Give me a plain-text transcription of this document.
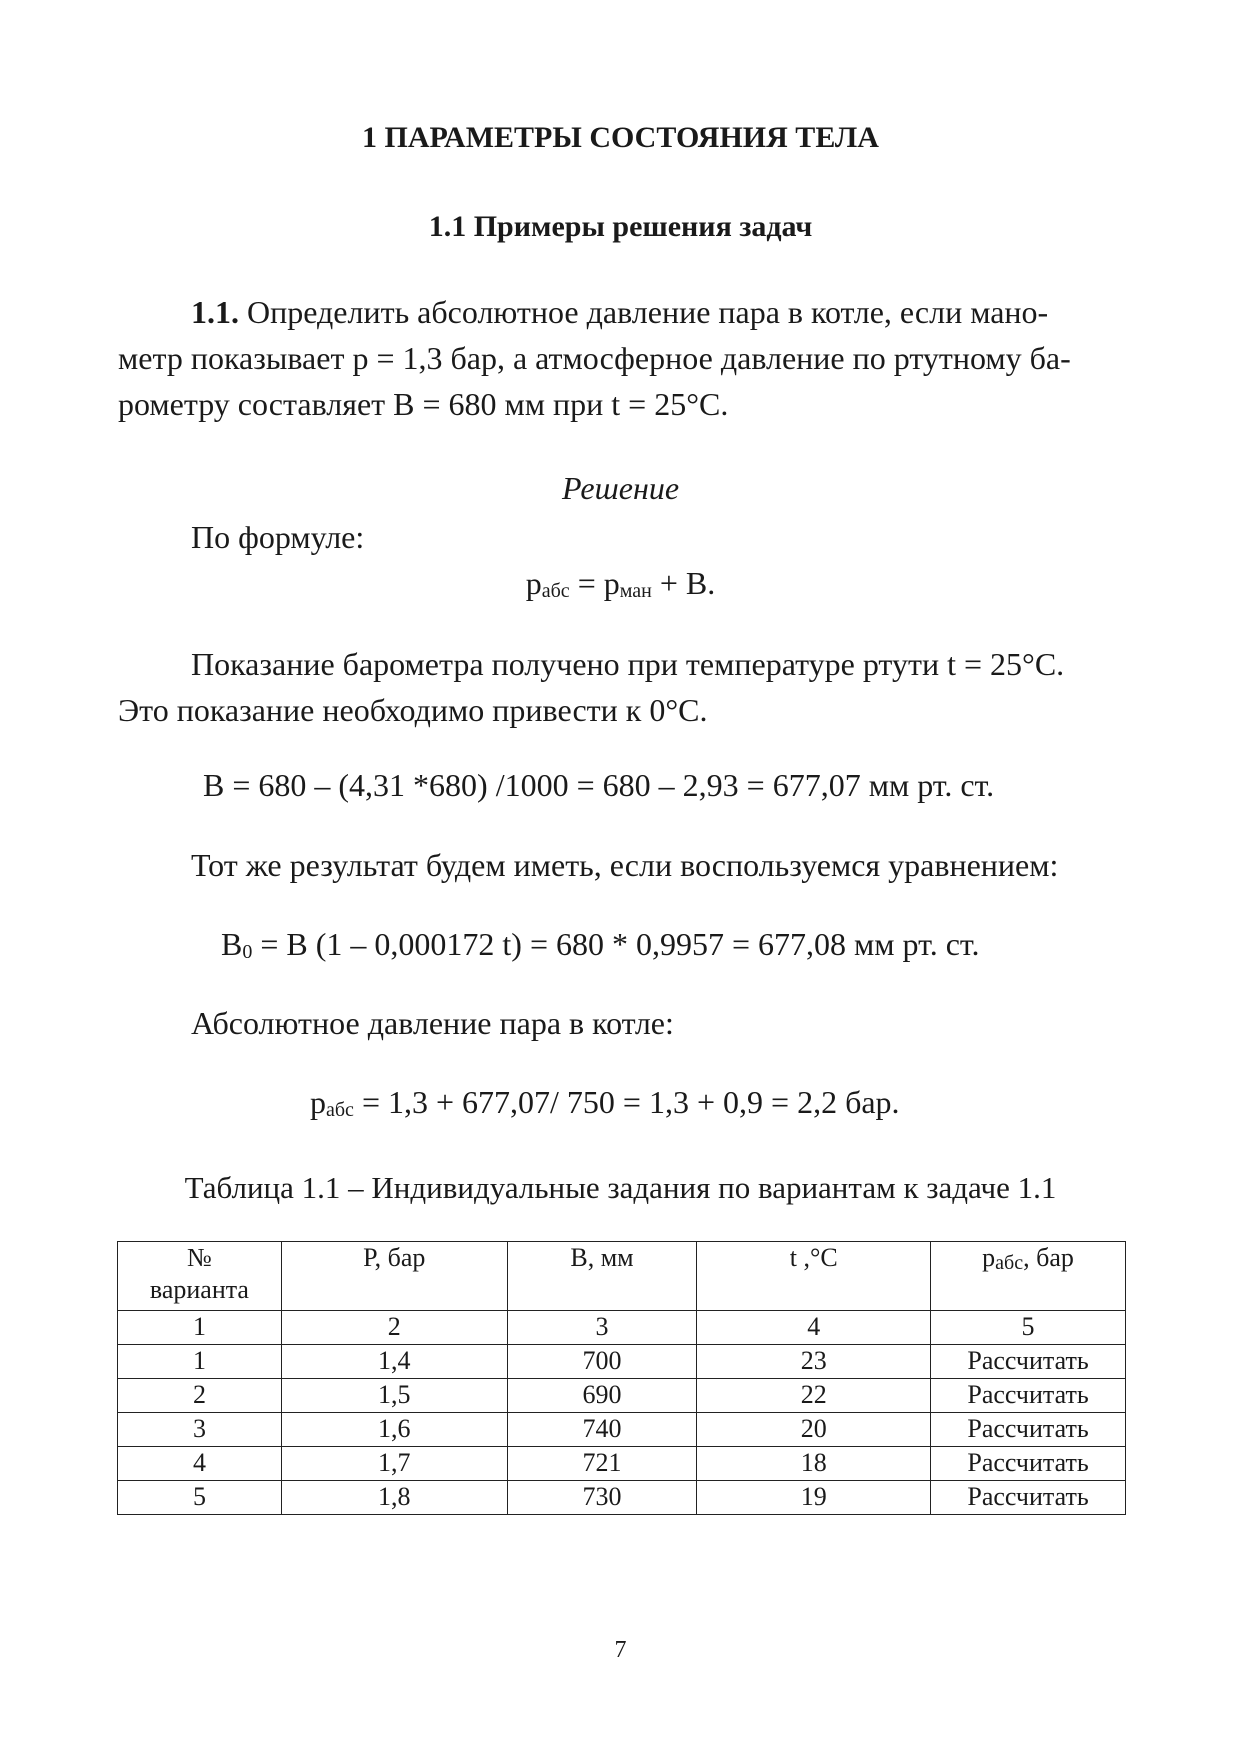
1 ПАРАМЕТРЫ СОСТОЯНИЯ ТЕЛА
1.1 Примеры решения задач
1.1. Определить абсолютное давление пара в котле, если мано-
метр показывает p = 1,3 бар, а атмосферное давление по ртутному ба-
рометру составляет B = 680 мм при t = 25°C.
Решение
По формуле:
$p_{абс} = p_{ман} + B$.
Показание барометра получено при температуре ртути t = 25°C.
Это показание необходимо привести к 0°C.
B = 680 – (4,31 *680) /1000 = 680 – 2,93 = 677,07 мм рт. ст.
Тот же результат будем иметь, если воспользуемся уравнением:
$B_0 = B$ (1 – 0,000172 t) = 680 * 0,9957 = 677,08 мм рт. ст.
Абсолютное давление пара в котле:
$p_{абс} = 1,3 + 677,07/$ 750 = 1,3 + 0,9 = 2,2 бар.
Таблица 1.1 – Индивидуальные задания по вариантам к задаче 1.1
№
варианта	P, бар	B, мм	t ,°C	$p_{абс}$, бар
1	2	3	4	5
1	1,4	700	23	Рассчитать
2	1,5	690	22	Рассчитать
3	1,6	740	20	Рассчитать
4	1,7	721	18	Рассчитать
5	1,8	730	19	Рассчитать
7
